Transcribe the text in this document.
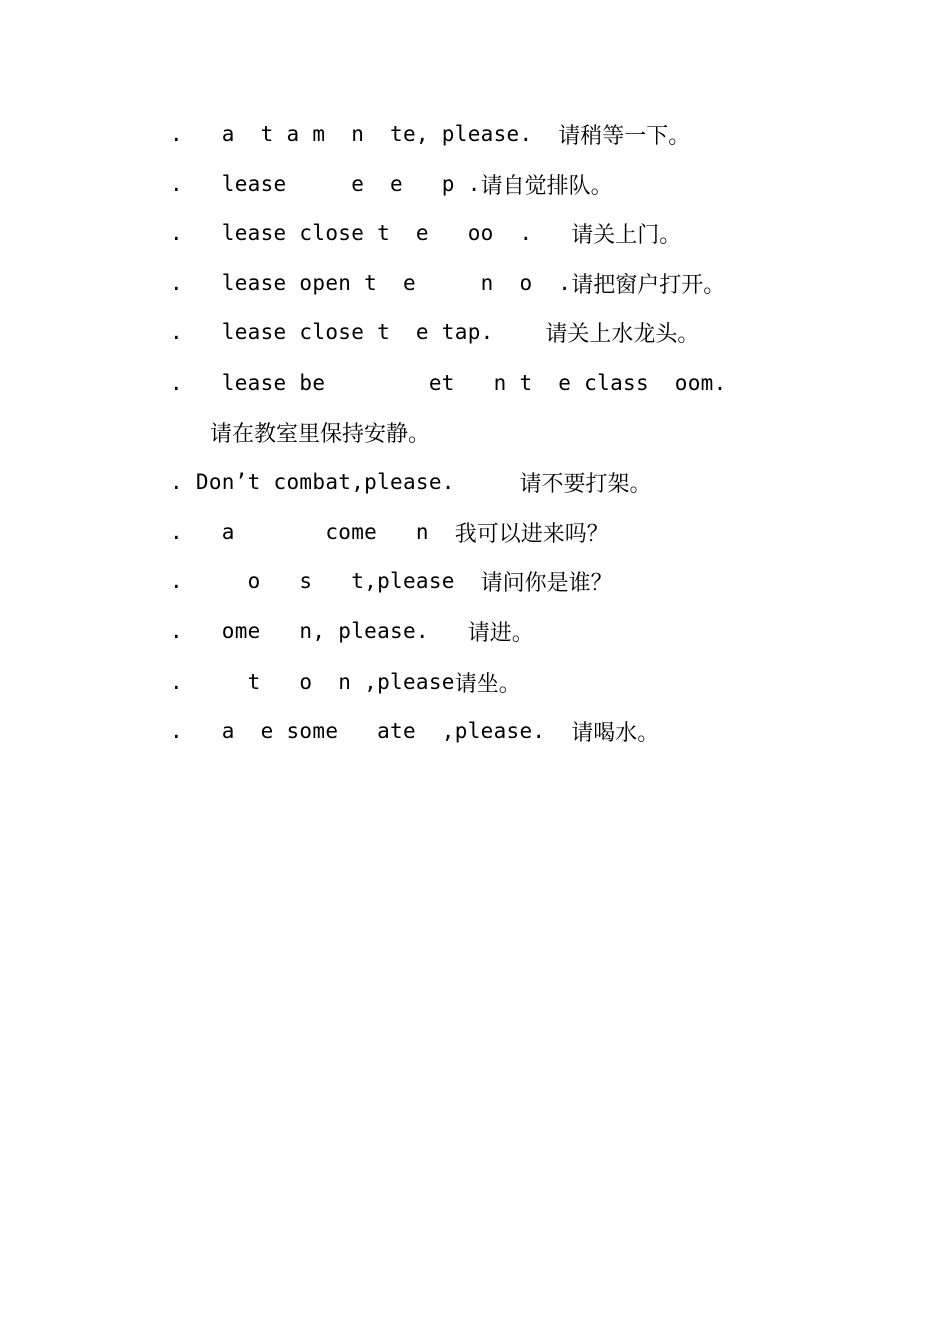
.   a  t a m  n  te, please. 请稍等一下。
.   lease     e  e   p . 请自觉排队。
.   lease close t  e   oo  . 请关上门。
.   lease open t  e     n  o  . 请把窗户打开。
.   lease close t  e tap. 请关上水龙头。
.   lease be        et   n t  e class  oom.
请在教室里保持安静。
. Don’t combat,please. 请不要打架。
.   a       come   n 我可以进来吗？
.     o   s   t,please 请问你是谁？
.   ome   n, please. 请进。
.     t   o  n ,please 请坐。
.   a  e some   ate  ,please. 请喝水。
